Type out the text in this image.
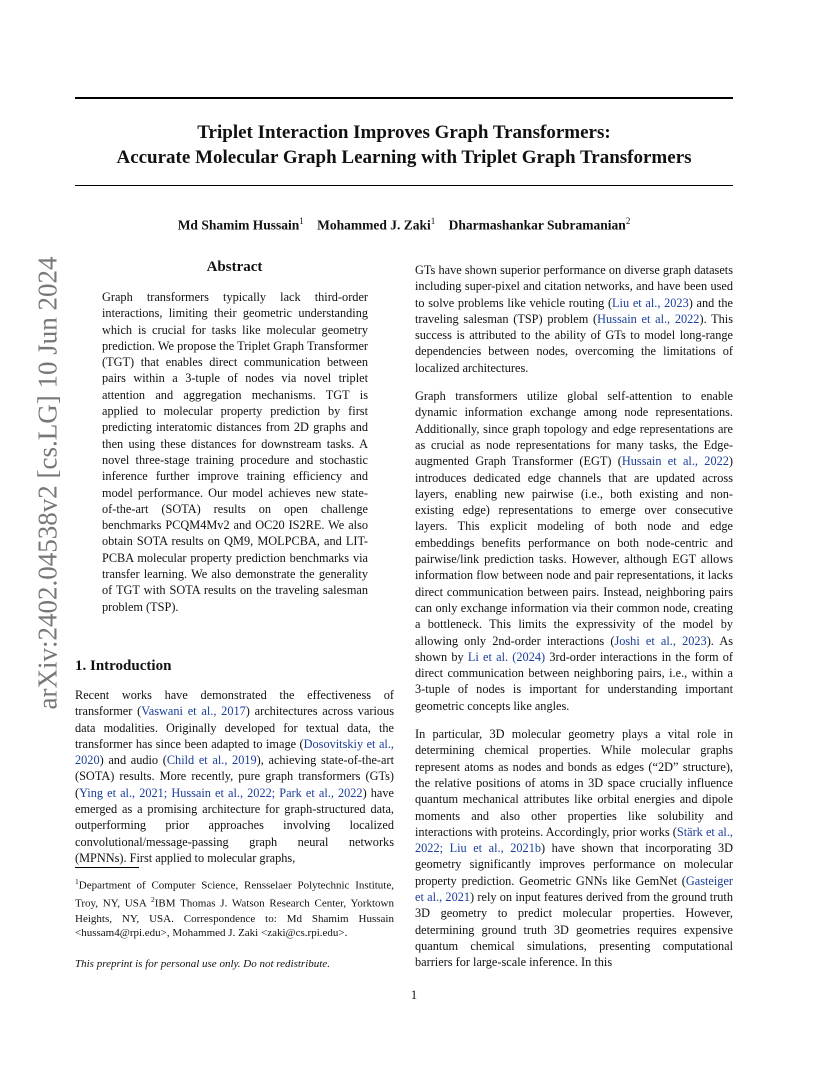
arXiv:2402.04538v2 [cs.LG] 10 Jun 2024
Triplet Interaction Improves Graph Transformers:
Accurate Molecular Graph Learning with Triplet Graph Transformers
Md Shamim Hussain$^1$ Mohammed J. Zaki$^1$ Dharmashankar Subramanian$^2$
Abstract
Graph transformers typically lack third-order interactions, limiting their geometric understanding which is crucial for tasks like molecular geometry prediction. We propose the Triplet Graph Transformer (TGT) that enables direct communication between pairs within a 3-tuple of nodes via novel triplet attention and aggregation mechanisms. TGT is applied to molecular property prediction by first predicting interatomic distances from 2D graphs and then using these distances for downstream tasks. A novel three-stage training procedure and stochastic inference further improve training efficiency and model performance. Our model achieves new state-of-the-art (SOTA) results on open challenge benchmarks PCQM4Mv2 and OC20 IS2RE. We also obtain SOTA results on QM9, MOLPCBA, and LIT-PCBA molecular property prediction benchmarks via transfer learning. We also demonstrate the generality of TGT with SOTA results on the traveling salesman problem (TSP).
1. Introduction

Recent works have demonstrated the effectiveness of transformer (Vaswani et al., 2017) architectures across various data modalities. Originally developed for textual data, the transformer has since been adapted to image (Dosovitskiy et al., 2020) and audio (Child et al., 2019), achieving state-of-the-art (SOTA) results. More recently, pure graph transformers (GTs) (Ying et al., 2021; Hussain et al., 2022; Park et al., 2022) have emerged as a promising architecture for graph-structured data, outperforming prior approaches involving localized convolutional/message-passing graph neural networks (MPNNs). First applied to molecular graphs,

$^1$Department of Computer Science, Rensselaer Polytechnic Institute, Troy, NY, USA $^2$IBM Thomas J. Watson Research Center, Yorktown Heights, NY, USA. Correspondence to: Md Shamim Hussain <hussam4@rpi.edu>, Mohammed J. Zaki <zaki@cs.rpi.edu>.
This preprint is for personal use only. Do not redistribute.

GTs have shown superior performance on diverse graph datasets including super-pixel and citation networks, and have been used to solve problems like vehicle routing (Liu et al., 2023) and the traveling salesman (TSP) problem (Hussain et al., 2022). This success is attributed to the ability of GTs to model long-range dependencies between nodes, overcoming the limitations of localized architectures.

Graph transformers utilize global self-attention to enable dynamic information exchange among node representations. Additionally, since graph topology and edge representations are as crucial as node representations for many tasks, the Edge-augmented Graph Transformer (EGT) (Hussain et al., 2022) introduces dedicated edge channels that are updated across layers, enabling new pairwise (i.e., both existing and non-existing edge) representations to emerge over consecutive layers. This explicit modeling of both node and edge embeddings benefits performance on both node-centric and pairwise/link prediction tasks. However, although EGT allows information flow between node and pair representations, it lacks direct communication between pairs. Instead, neighboring pairs can only exchange information via their common node, creating a bottleneck. This limits the expressivity of the model by allowing only 2nd-order interactions (Joshi et al., 2023). As shown by Li et al. (2024) 3rd-order interactions in the form of direct communication between neighboring pairs, i.e., within a 3-tuple of nodes is important for understanding important geometric concepts like angles.

In particular, 3D molecular geometry plays a vital role in determining chemical properties. While molecular graphs represent atoms as nodes and bonds as edges (“2D” structure), the relative positions of atoms in 3D space crucially influence quantum mechanical attributes like orbital energies and dipole moments and also other properties like solubility and interactions with proteins. Accordingly, prior works (Stärk et al., 2022; Liu et al., 2021b) have shown that incorporating 3D geometry significantly improves performance on molecular property prediction. Geometric GNNs like GemNet (Gasteiger et al., 2021) rely on input features derived from the ground truth 3D geometry to predict molecular properties. However, determining ground truth 3D geometries requires expensive quantum chemical simulations, presenting computational barriers for large-scale inference. In this

1
